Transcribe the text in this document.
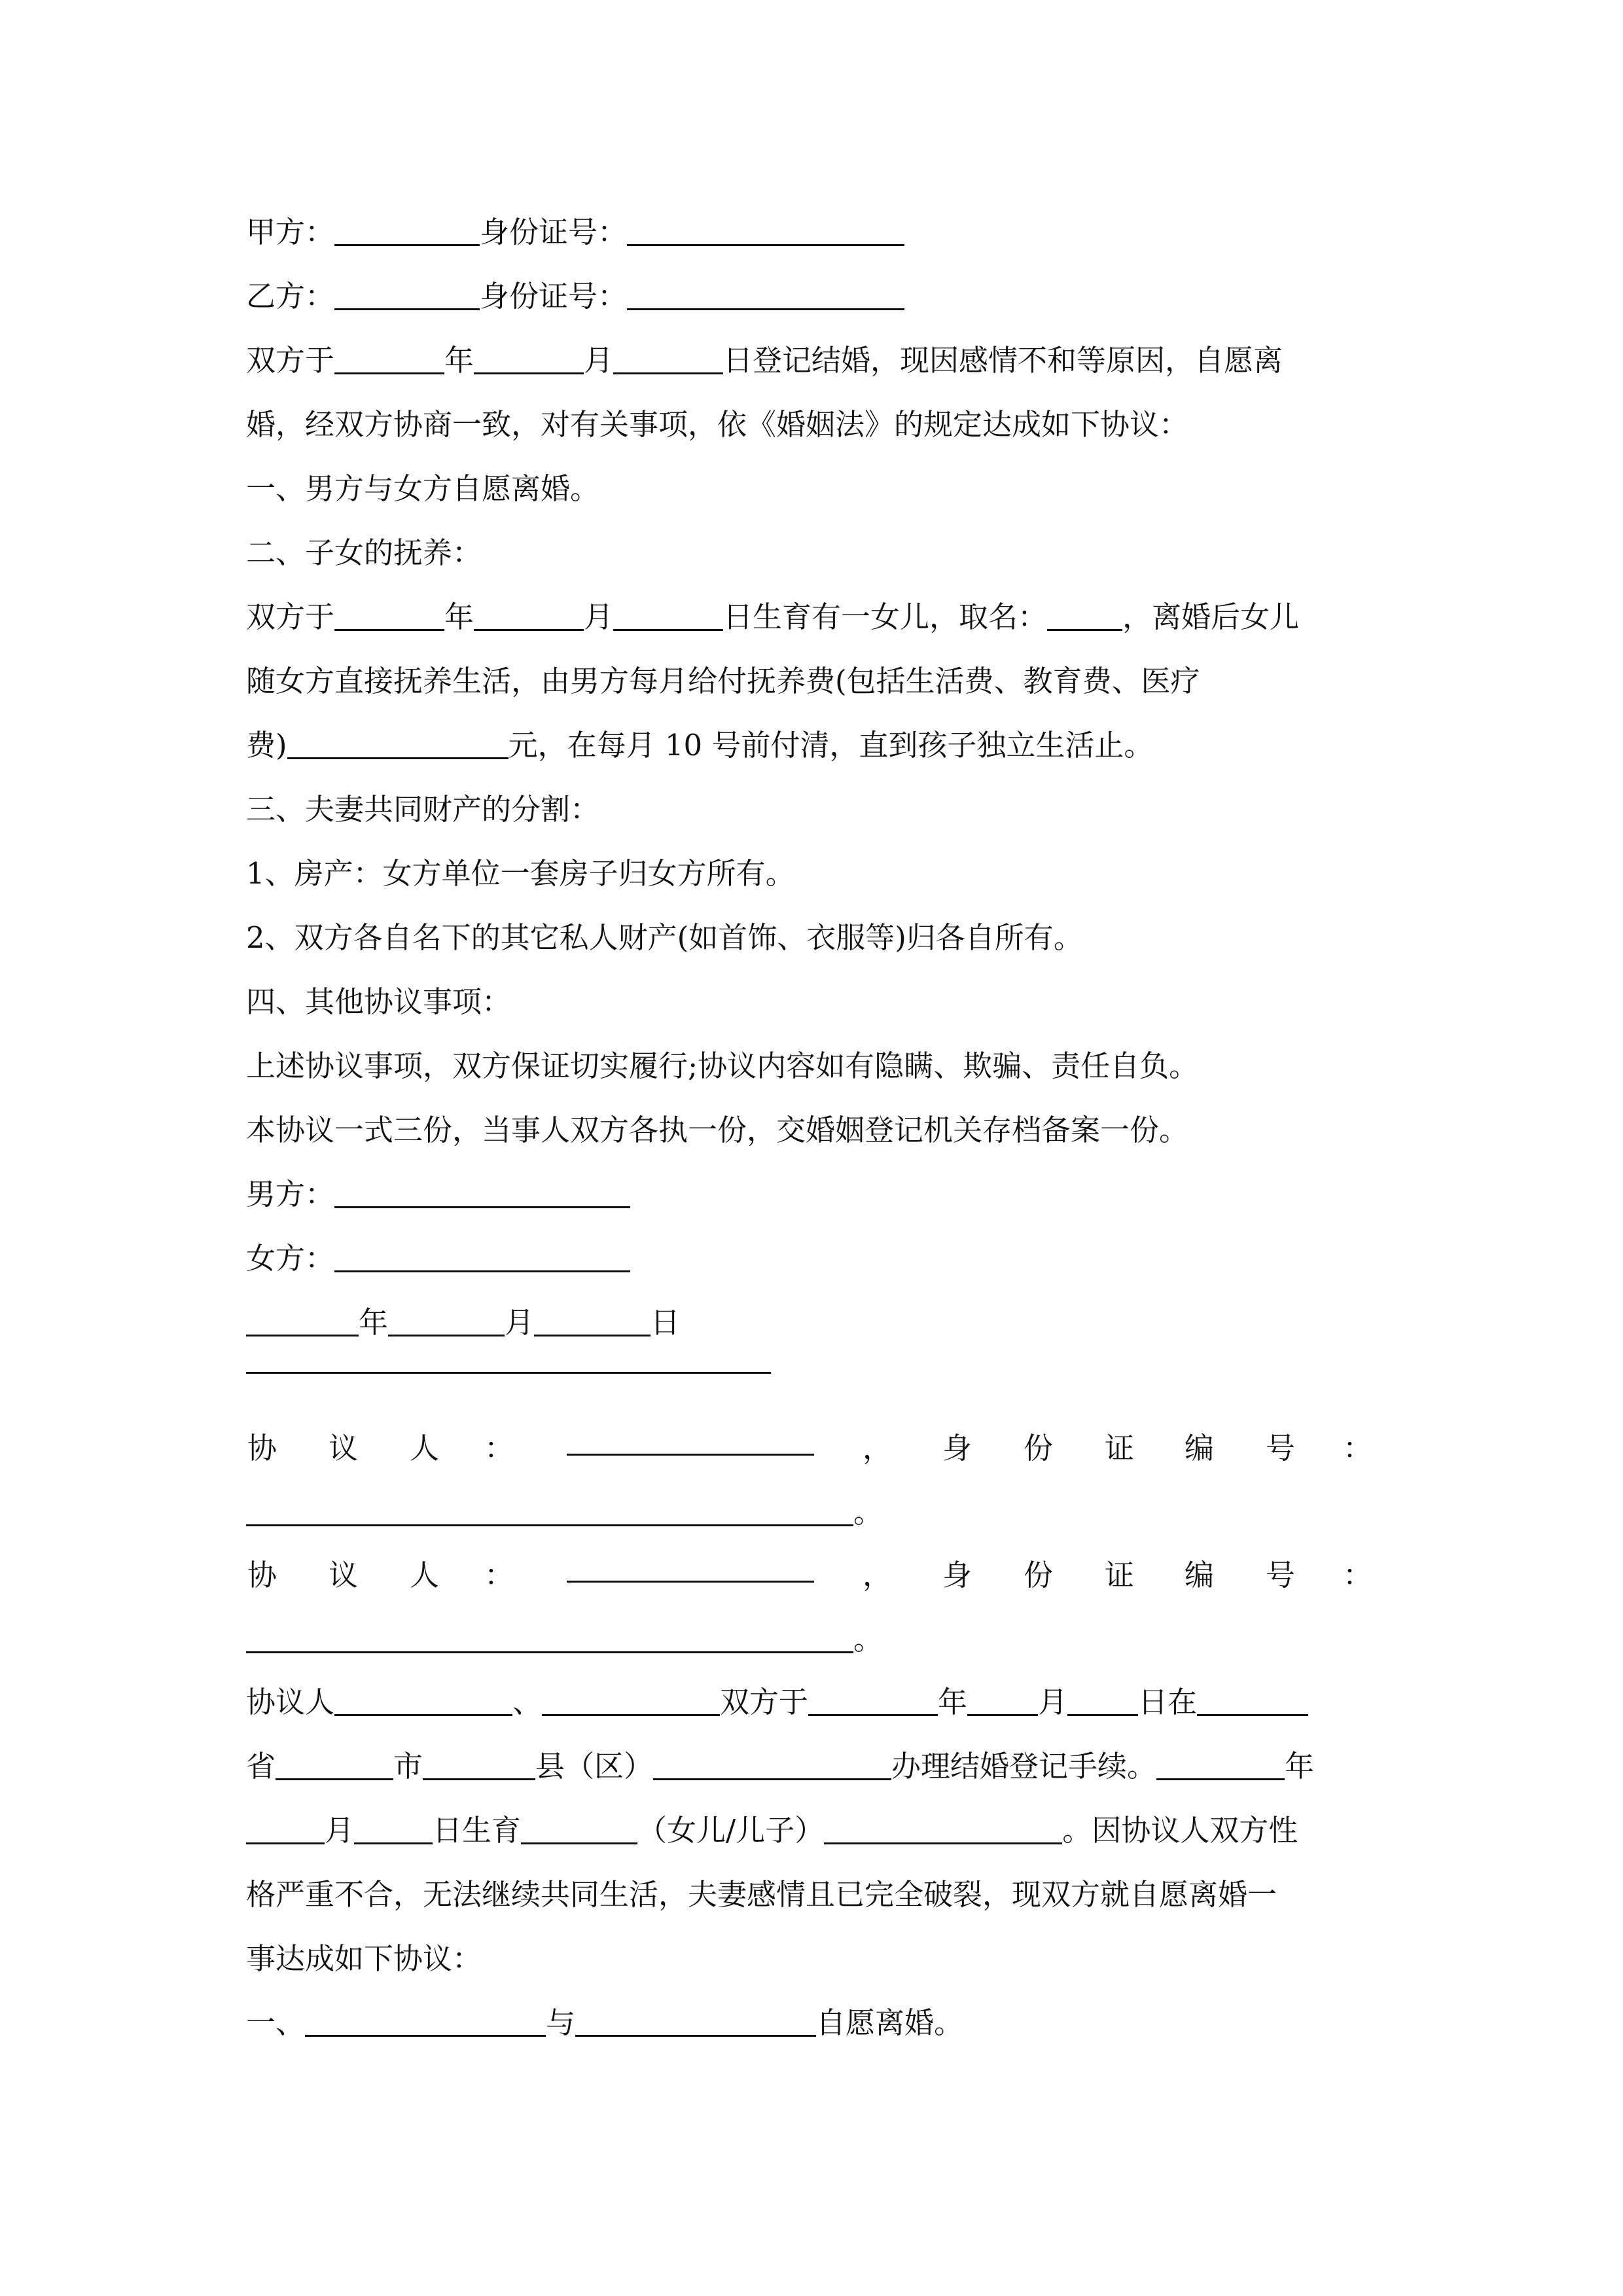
甲方：	身份证号：
乙方：	身份证号：
双方于	年	月	日登记结婚，现因感情不和等原因，自愿离
婚，经双方协商一致，对有关事项，依《婚姻法》的规定达成如下协议：
一、男方与女方自愿离婚。
二、子女的抚养：
双方于	年	月	日生育有一女儿，取名：	，离婚后女儿
随女方直接抚养生活，由男方每月给付抚养费(包括生活费、教育费、医疗
费)	元，在每月 10 号前付清，直到孩子独立生活止。
三、夫妻共同财产的分割：
1、房产：女方单位一套房子归女方所有。
2、双方各自名下的其它私人财产(如首饰、衣服等)归各自所有。
四、其他协议事项：
上述协议事项，双方保证切实履行;协议内容如有隐瞒、欺骗、责任自负。
本协议一式三份，当事人双方各执一份，交婚姻登记机关存档备案一份。
男方：
女方：
年	月	日
协 议 人 ：	， 身 份 证 编 号 ：
。
协 议 人 ：	， 身 份 证 编 号 ：
。
协议人	、	双方于	年 月 日在
省	市	县（区）	办理结婚登记手续。	年
月	日生育	（女儿/儿子）	。因协议人双方性
格严重不合，无法继续共同生活，夫妻感情且已完全破裂，现双方就自愿离婚一
事达成如下协议：
一、	与	自愿离婚。
